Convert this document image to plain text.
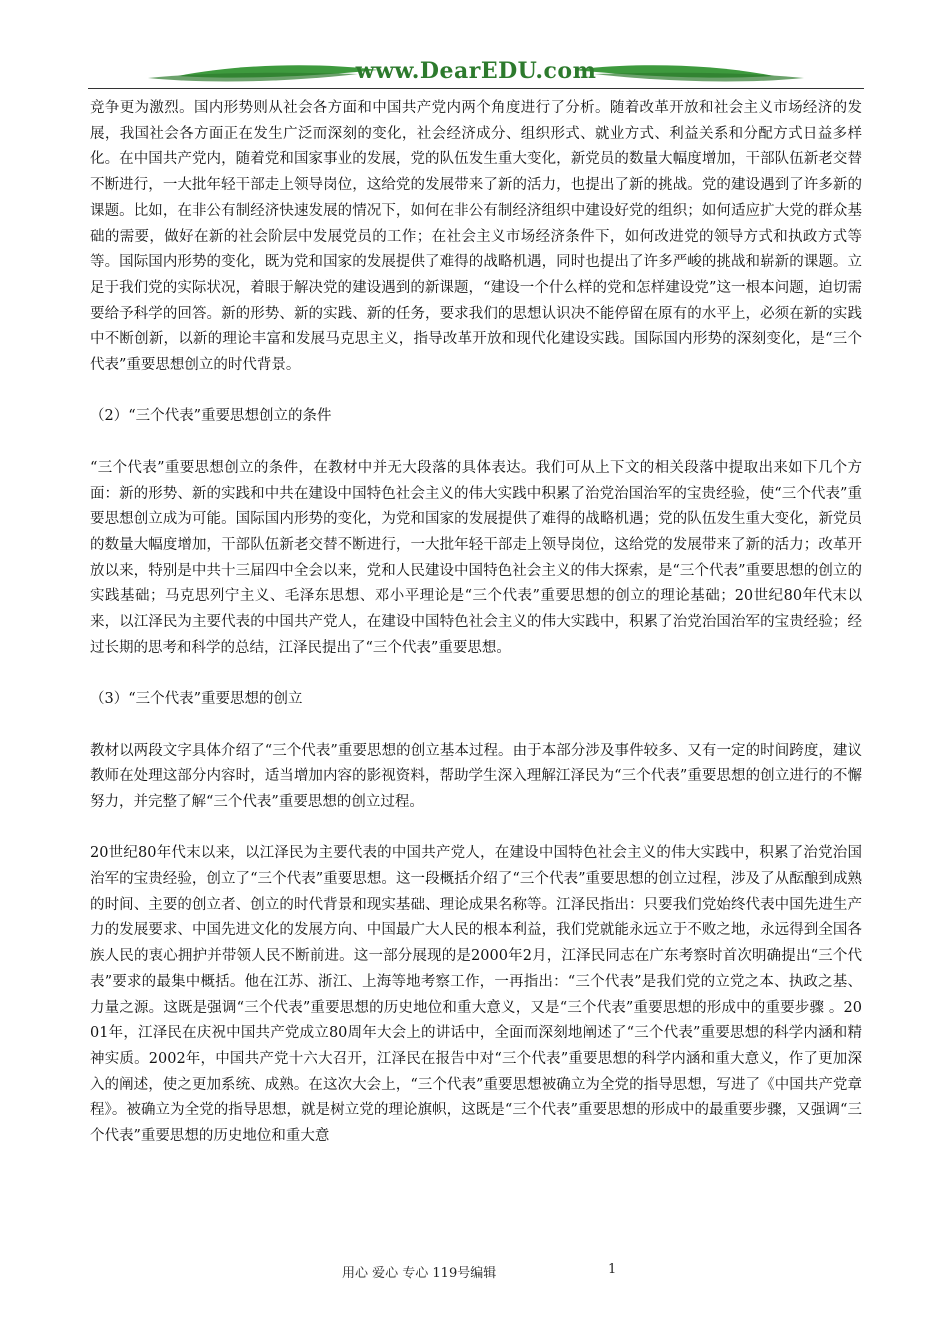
www.DearEDU.com

竞争更为激烈。国内形势则从社会各方面和中国共产党内两个角度进行了分析。随着改革开放和社会主义市场经济的发展，我国社会各方面正在发生广泛而深刻的变化，社会经济成分、组织形式、就业方式、利益关系和分配方式日益多样化。在中国共产党内，随着党和国家事业的发展，党的队伍发生重大变化，新党员的数量大幅度增加，干部队伍新老交替不断进行，一大批年轻干部走上领导岗位，这给党的发展带来了新的活力，也提出了新的挑战。党的建设遇到了许多新的课题。比如，在非公有制经济快速发展的情况下，如何在非公有制经济组织中建设好党的组织；如何适应扩大党的群众基础的需要，做好在新的社会阶层中发展党员的工作；在社会主义市场经济条件下，如何改进党的领导方式和执政方式等等。国际国内形势的变化，既为党和国家的发展提供了难得的战略机遇，同时也提出了许多严峻的挑战和崭新的课题。立足于我们党的实际状况，着眼于解决党的建设遇到的新课题，“建设一个什么样的党和怎样建设党”这一根本问题，迫切需要给予科学的回答。新的形势、新的实践、新的任务，要求我们的思想认识决不能停留在原有的水平上，必须在新的实践中不断创新，以新的理论丰富和发展马克思主义，指导改革开放和现代化建设实践。国际国内形势的深刻变化，是“三个代表”重要思想创立的时代背景。

（2）“三个代表”重要思想创立的条件

“三个代表”重要思想创立的条件，在教材中并无大段落的具体表达。我们可从上下文的相关段落中提取出来如下几个方面：新的形势、新的实践和中共在建设中国特色社会主义的伟大实践中积累了治党治国治军的宝贵经验，使“三个代表”重要思想创立成为可能。国际国内形势的变化，为党和国家的发展提供了难得的战略机遇；党的队伍发生重大变化，新党员的数量大幅度增加，干部队伍新老交替不断进行，一大批年轻干部走上领导岗位，这给党的发展带来了新的活力；改革开放以来，特别是中共十三届四中全会以来，党和人民建设中国特色社会主义的伟大探索，是“三个代表”重要思想的创立的实践基础；马克思列宁主义、毛泽东思想、邓小平理论是“三个代表”重要思想的创立的理论基础；20世纪80年代末以来，以江泽民为主要代表的中国共产党人，在建设中国特色社会主义的伟大实践中，积累了治党治国治军的宝贵经验；经过长期的思考和科学的总结，江泽民提出了“三个代表”重要思想。

（3）“三个代表”重要思想的创立

教材以两段文字具体介绍了“三个代表”重要思想的创立基本过程。由于本部分涉及事件较多、又有一定的时间跨度，建议教师在处理这部分内容时，适当增加内容的影视资料，帮助学生深入理解江泽民为“三个代表”重要思想的创立进行的不懈努力，并完整了解“三个代表”重要思想的创立过程。

20世纪80年代末以来，以江泽民为主要代表的中国共产党人，在建设中国特色社会主义的伟大实践中，积累了治党治国治军的宝贵经验，创立了“三个代表”重要思想。这一段概括介绍了“三个代表”重要思想的创立过程，涉及了从酝酿到成熟的时间、主要的创立者、创立的时代背景和现实基础、理论成果名称等。江泽民指出：只要我们党始终代表中国先进生产力的发展要求、中国先进文化的发展方向、中国最广大人民的根本利益，我们党就能永远立于不败之地，永远得到全国各族人民的衷心拥护并带领人民不断前进。这一部分展现的是2000年2月，江泽民同志在广东考察时首次明确提出“三个代表”要求的最集中概括。他在江苏、浙江、上海等地考察工作，一再指出：“三个代表”是我们党的立党之本、执政之基、力量之源。这既是强调“三个代表”重要思想的历史地位和重大意义，又是“三个代表”重要思想的形成中的重要步骤 。2001年，江泽民在庆祝中国共产党成立80周年大会上的讲话中，全面而深刻地阐述了“三个代表”重要思想的科学内涵和精神实质。2002年，中国共产党十六大召开，江泽民在报告中对“三个代表”重要思想的科学内涵和重大意义，作了更加深入的阐述，使之更加系统、成熟。在这次大会上，“三个代表”重要思想被确立为全党的指导思想，写进了《中国共产党章程》。被确立为全党的指导思想，就是树立党的理论旗帜，这既是“三个代表”重要思想的形成中的最重要步骤，又强调“三个代表”重要思想的历史地位和重大意

用心 爱心 专心 119号编辑	1
